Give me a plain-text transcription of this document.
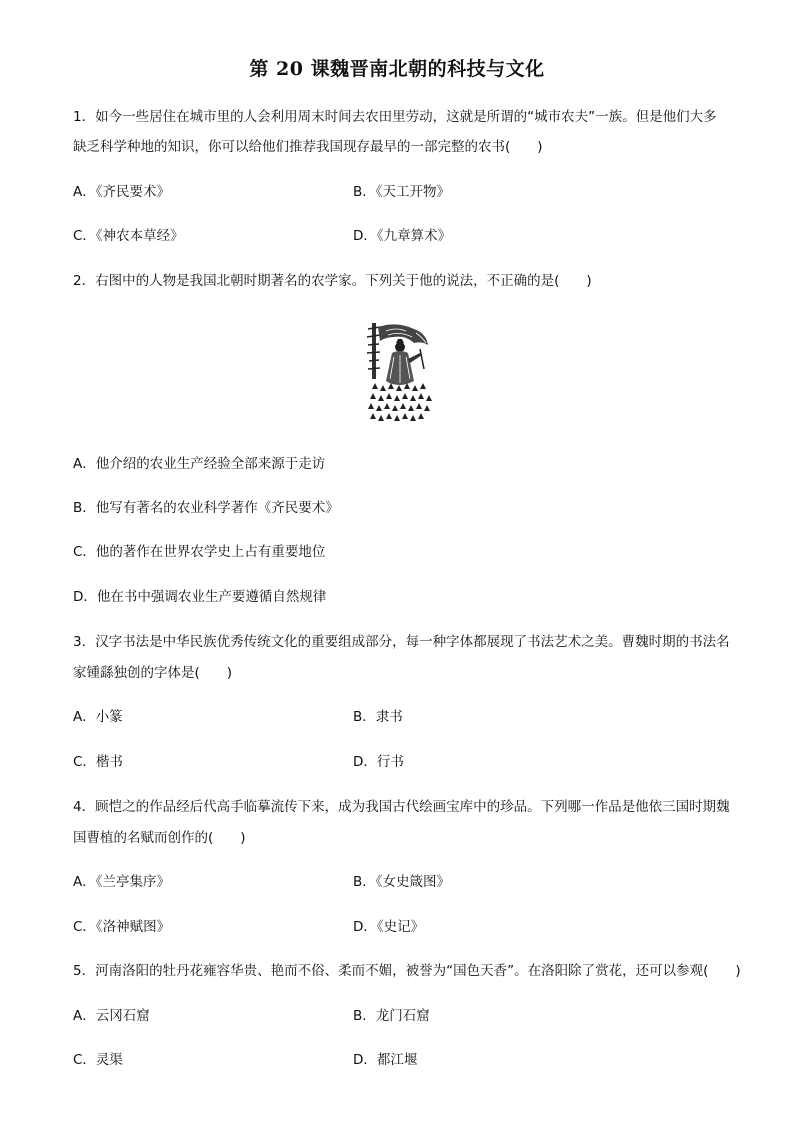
第 20 课魏晋南北朝的科技与文化
1．如今一些居住在城市里的人会利用周末时间去农田里劳动，这就是所谓的“城市农夫”一族。但是他们大多
缺乏科学种地的知识，你可以给他们推荐我国现存最早的一部完整的农书(　　)
A．《齐民要术》	B．《天工开物》
C．《神农本草经》	D．《九章算术》
2．右图中的人物是我国北朝时期著名的农学家。下列关于他的说法，不正确的是(　　)
A．他介绍的农业生产经验全部来源于走访
B．他写有著名的农业科学著作《齐民要术》
C．他的著作在世界农学史上占有重要地位
D．他在书中强调农业生产要遵循自然规律
3．汉字书法是中华民族优秀传统文化的重要组成部分，每一种字体都展现了书法艺术之美。曹魏时期的书法名
家锺繇独创的字体是(　　)
A．小篆	B．隶书
C．楷书	D．行书
4．顾恺之的作品经后代高手临摹流传下来，成为我国古代绘画宝库中的珍品。下列哪一作品是他依三国时期魏
国曹植的名赋而创作的(　　)
A．《兰亭集序》	B．《女史箴图》
C．《洛神赋图》	D．《史记》
5．河南洛阳的牡丹花雍容华贵、艳而不俗、柔而不媚，被誉为“国色天香”。在洛阳除了赏花，还可以参观(　　)
A．云冈石窟	B．龙门石窟
C．灵渠	D．都江堰
